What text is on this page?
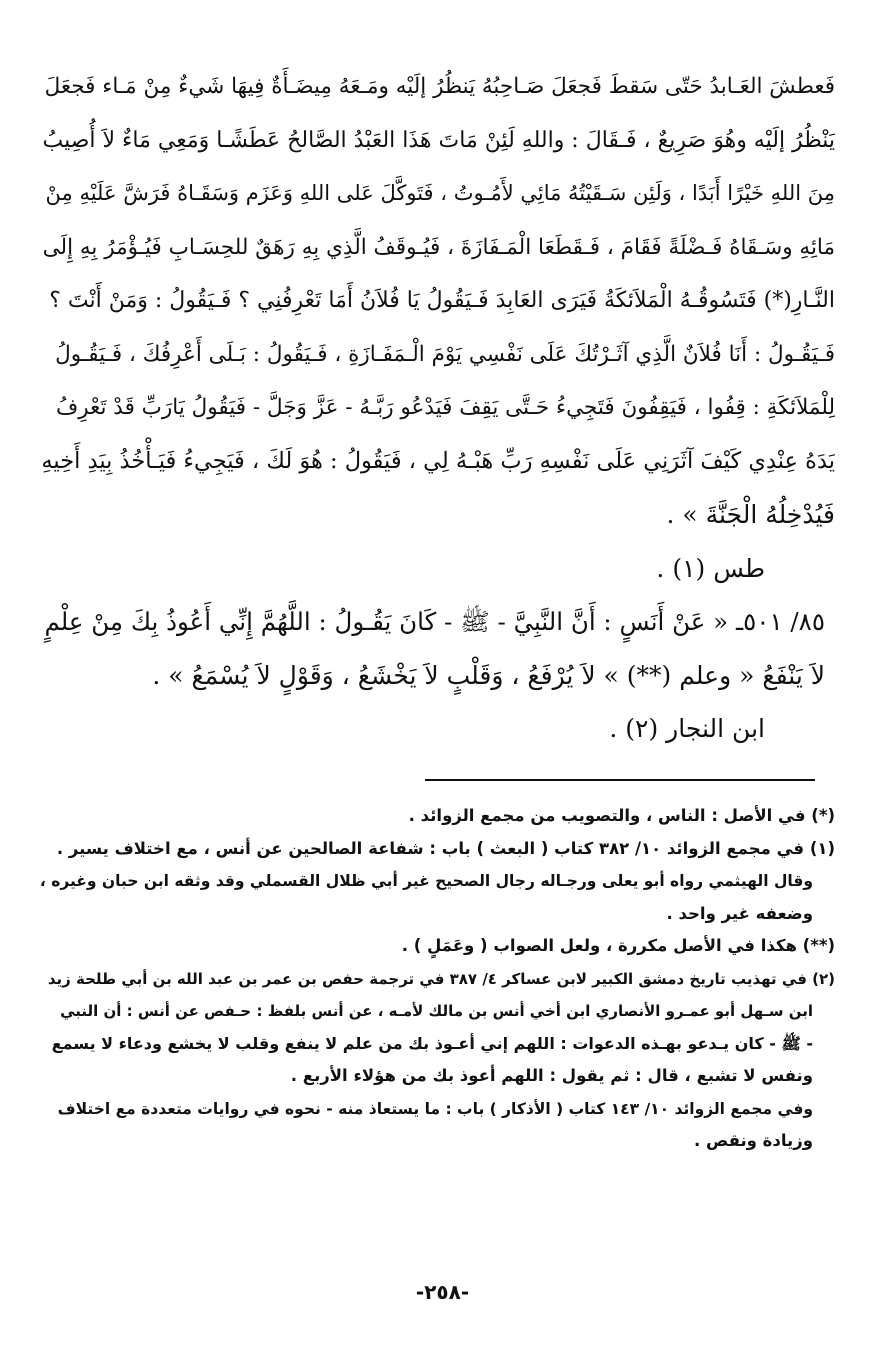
فَعطشَ العَـابدُ حَتّى سَقطَ فَجعَلَ صَـاحِبُهُ يَنظُرُ إلَيْه ومَـعَهُ مِيضَـأَةٌ فِيهَا شَيءٌ مِنْ مَـاء فَجعَلَ
يَنْظُرُ إلَيْه وهُوَ صَرِيعٌ ، فَـقَالَ : واللهِ لَئِنْ مَاتَ هَذَا العَبْدُ الصَّالحُ عَطَشًـا وَمَعِي مَاءٌ لاَ أُصِيبُ
مِنَ اللهِ خَيْرًا أَبَدًا ، وَلَئِن سَـقَيْتُهُ مَائِي لأَمُـوتُ ، فَتَوكَّلَ عَلى اللهِ وَعَزَم وَسَقَـاهُ فَرَشَّ عَلَيْهِ مِنْ
مَائِهِ وسَـقَاهُ فَـضْلَةً فَقَامَ ، فَـقَطَعَا الْمَـفَازَةَ ، فَيُـوقَفُ الَّذِي بِهِ رَهَقٌ للحِسَـابِ فَيُـؤْمَرُ بِهِ إِلَى
النَّـارِ(*) فَتَسُوقُـهُ الْمَلاَئكَةُ فَيَرَى العَابِدَ فَـيَقُولُ يَا فُلاَنُ أَمَا تَعْرِفُنِي ؟ فَـيَقُولُ : وَمَنْ أَنْتَ ؟
فَـيَقُـولُ : أَنَا فُلاَنٌ الَّذِي آثَـرْتُكَ عَلَى نَفْسِي يَوْمَ الْـمَفَـازَةِ ، فَـيَقُولُ : بَـلَى أَعْرِفُكَ ، فَـيَقُـولُ
لِلْمَلاَئكَةِ : قِفُوا ، فَيَقِفُونَ فَتَجِيءُ حَـتَّى يَقِفَ فَيَدْعُو رَبَّـهُ - عَزَّ وَجَلَّ - فَيَقُولُ يَارَبِّ قَدْ تَعْرِفُ
يَدَهُ عِنْدِي كَيْفَ آثَرَنِي عَلَى نَفْسِهِ رَبِّ هَبْـهُ لِي ، فَيَقُولُ : هُوَ لَكَ ، فَيَجِيءُ فَيَـأْخُذُ بِيَدِ أَخِيهِ
فَيُدْخِلُهُ الْجَنَّةَ » .

طس (١) .

٨٥/ ٥٠١ـ « عَنْ أَنَسٍ : أَنَّ النَّبِيَّ - ﷺ - كَانَ يَقُـولُ : اللَّهُمَّ إِنِّي أَعُوذُ بِكَ مِنْ عِلْمٍ
لاَ يَنْفَعُ « وعلم (**) » لاَ يُرْفَعُ ، وَقَلْبٍ لاَ يَخْشَعُ ، وَقَوْلٍ لاَ يُسْمَعُ » .

ابن النجار (٢) .

(*) في الأصل : الناس ، والتصويب من مجمع الزوائد .
(١) في مجمع الزوائد ١٠/ ٣٨٢ كتاب ( البعث ) باب : شفاعة الصالحين عن أنس ، مع اختلاف يسير .
وقال الهيثمي رواه أبو يعلى ورجـاله رجال الصحيح غير أبي ظلال القسملي وقد وثقه ابن حبان وغيره ،
وضعفه غير واحد .
(**) هكذا في الأصل مكررة ، ولعل الصواب ( وعَمَلٍ ) .
(٢) في تهذيب تاريخ دمشق الكبير لابن عساكر ٤/ ٣٨٧ في ترجمة حفص بن عمر بن عبد الله بن أبي طلحة زيد
ابن سـهل أبو عمـرو الأنصاري ابن أخي أنس بن مالك لأمـه ، عن أنس بلفظ : حـفص عن أنس : أن النبي
- ﷺ - كان يـدعو بهـذه الدعوات : اللهم إني أعـوذ بك من علم لا ينفع وقلب لا يخشع ودعاء لا يسمع
ونفس لا تشبع ، قال : ثم يقول : اللهم أعوذ بك من هؤلاء الأربع .
وفي مجمع الزوائد ١٠/ ١٤٣ كتاب ( الأذكار ) باب : ما يستعاذ منه - نحوه في روايات متعددة مع اختلاف
وزيادة ونقص .
-٢٥٨-
